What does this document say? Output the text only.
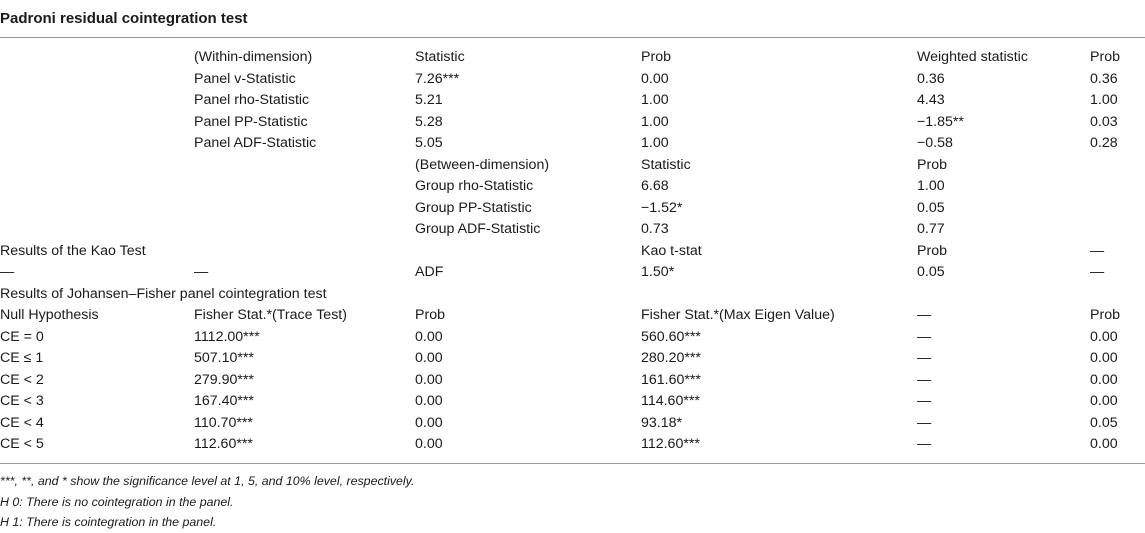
Padroni residual cointegration test
	(Within-dimension)	Statistic	Prob	Weighted statistic	Prob
	Panel v-Statistic	7.26***	0.00	0.36	0.36
	Panel rho-Statistic	5.21	1.00	4.43	1.00
	Panel PP-Statistic	5.28	1.00	−1.85**	0.03
	Panel ADF-Statistic	5.05	1.00	−0.58	0.28
		(Between-dimension)	Statistic	Prob	
		Group rho-Statistic	6.68	1.00	
		Group PP-Statistic	−1.52*	0.05	
		Group ADF-Statistic	0.73	0.77	
Results of the Kao Test			Kao t-stat	Prob	—
—	—	ADF	1.50*	0.05	—
Results of Johansen–Fisher panel cointegration test					
Null Hypothesis	Fisher Stat.*(Trace Test)	Prob	Fisher Stat.*(Max Eigen Value)	—	Prob
CE = 0	1112.00***	0.00	560.60***	—	0.00
CE ≤ 1	507.10***	0.00	280.20***	—	0.00
CE < 2	279.90***	0.00	161.60***	—	0.00
CE < 3	167.40***	0.00	114.60***	—	0.00
CE < 4	110.70***	0.00	93.18*	—	0.05
CE < 5	112.60***	0.00	112.60***	—	0.00
***, **, and * show the significance level at 1, 5, and 10% level, respectively.
H 0: There is no cointegration in the panel.
H 1: There is cointegration in the panel.
